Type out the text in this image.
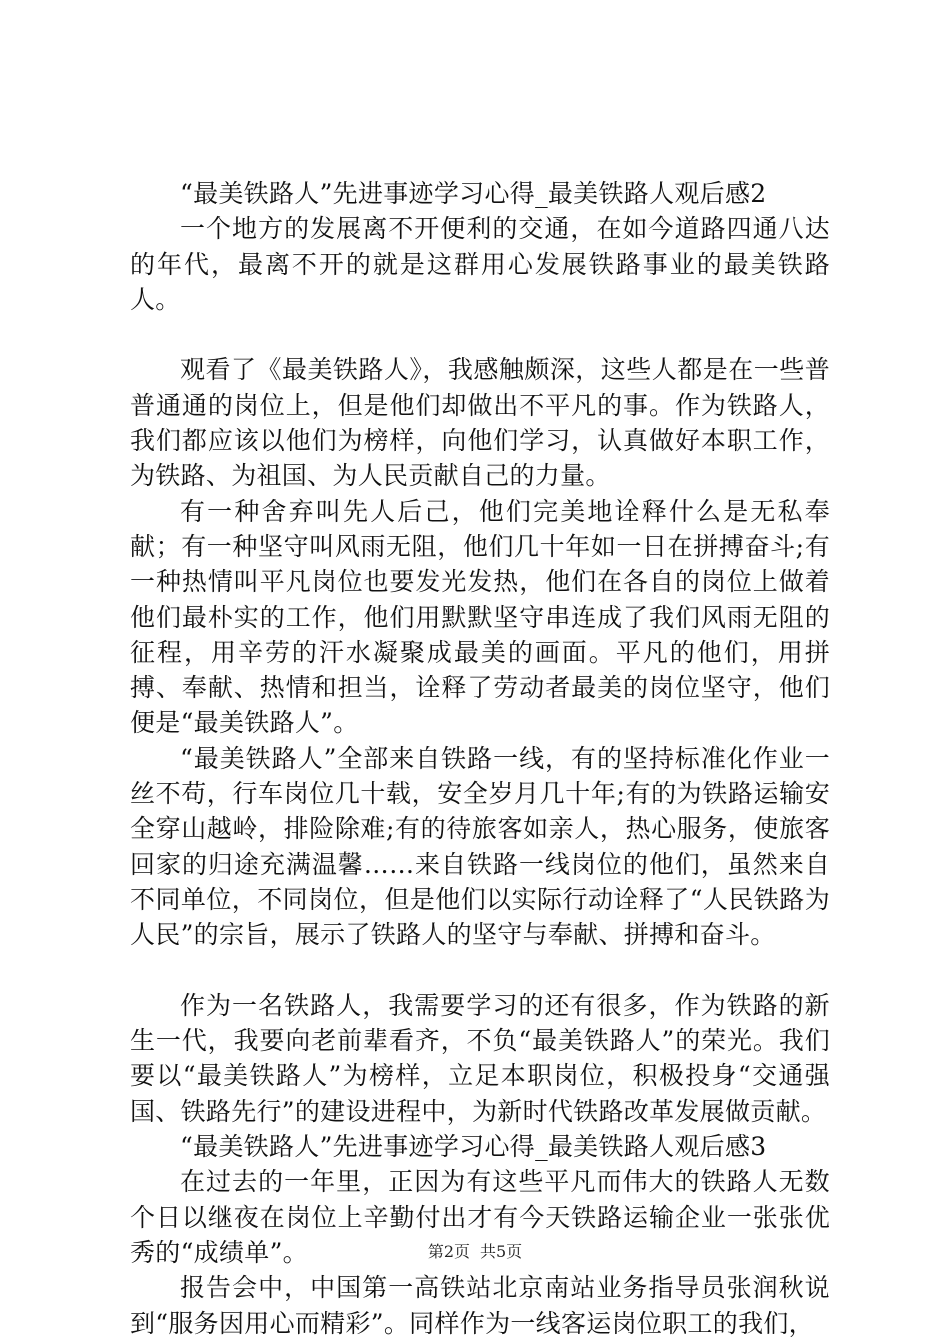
“最美铁路人”先进事迹学习心得_最美铁路人观后感2

一个地方的发展离不开便利的交通，在如今道路四通八达的年代，最离不开的就是这群用心发展铁路事业的最美铁路人。

观看了《最美铁路人》，我感触颇深，这些人都是在一些普普通通的岗位上，但是他们却做出不平凡的事。作为铁路人，我们都应该以他们为榜样，向他们学习，认真做好本职工作，为铁路、为祖国、为人民贡献自己的力量。

有一种舍弃叫先人后己，他们完美地诠释什么是无私奉献；有一种坚守叫风雨无阻，他们几十年如一日在拼搏奋斗;有一种热情叫平凡岗位也要发光发热，他们在各自的岗位上做着他们最朴实的工作，他们用默默坚守串连成了我们风雨无阻的征程，用辛劳的汗水凝聚成最美的画面。平凡的他们，用拼搏、奉献、热情和担当，诠释了劳动者最美的岗位坚守，他们便是“最美铁路人”。

“最美铁路人”全部来自铁路一线，有的坚持标准化作业一丝不苟，行车岗位几十载，安全岁月几十年;有的为铁路运输安全穿山越岭，排险除难;有的待旅客如亲人，热心服务，使旅客回家的归途充满温馨……来自铁路一线岗位的他们，虽然来自不同单位，不同岗位，但是他们以实际行动诠释了“人民铁路为人民”的宗旨，展示了铁路人的坚守与奉献、拼搏和奋斗。

作为一名铁路人，我需要学习的还有很多，作为铁路的新生一代，我要向老前辈看齐，不负“最美铁路人”的荣光。我们要以“最美铁路人”为榜样，立足本职岗位，积极投身“交通强国、铁路先行”的建设进程中，为新时代铁路改革发展做贡献。

“最美铁路人”先进事迹学习心得_最美铁路人观后感3

在过去的一年里，正因为有这些平凡而伟大的铁路人无数个日以继夜在岗位上辛勤付出才有今天铁路运输企业一张张优秀的“成绩单”。

报告会中，中国第一高铁站北京南站业务指导员张润秋说到“服务因用心而精彩”。同样作为一线客运岗位职工的我们，

第2页 共5页
